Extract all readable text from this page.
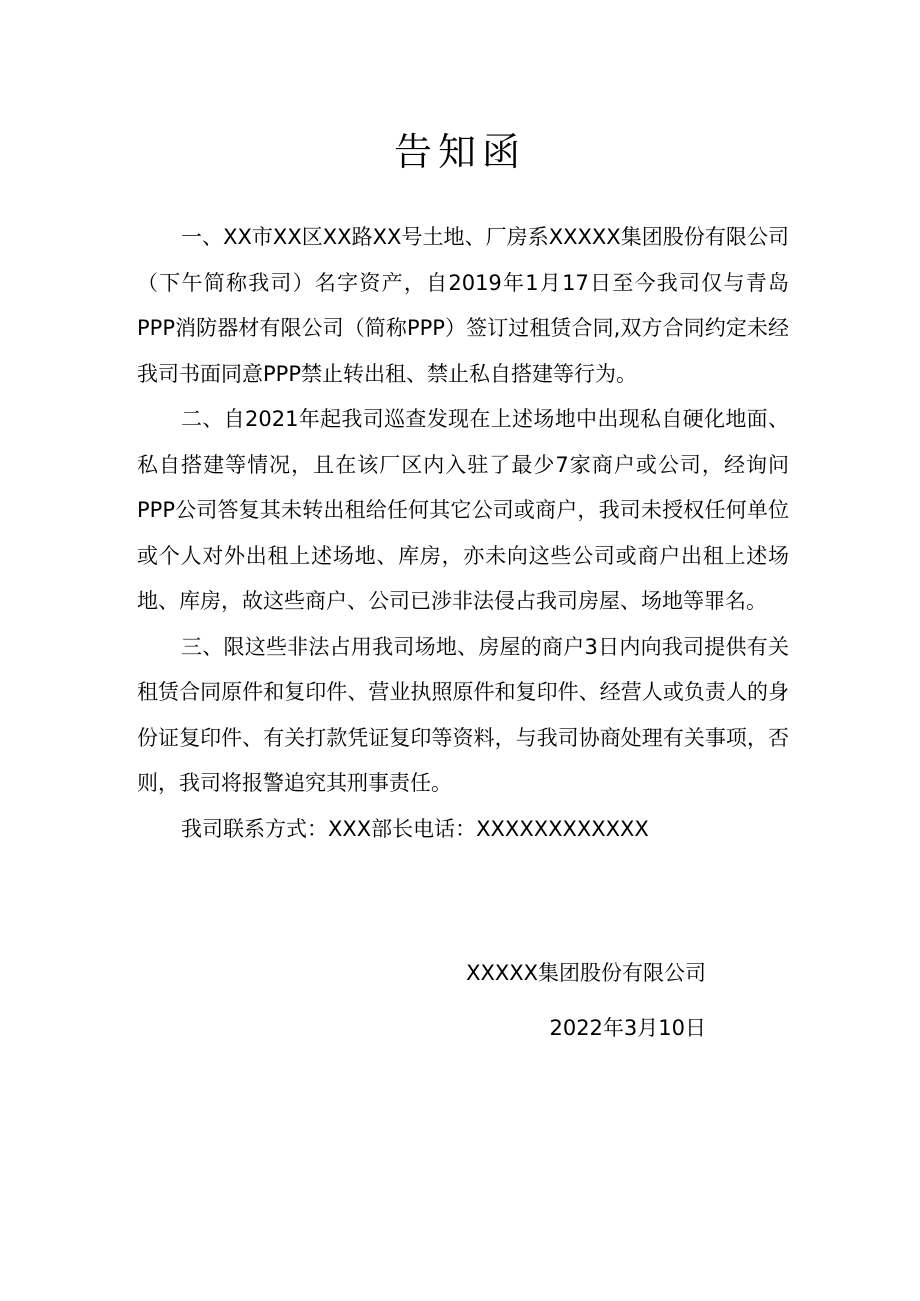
告知函

一、XX市XX区XX路XX号土地、厂房系XXXXX集团股份有限公司（下午简称我司）名字资产，自2019年1月17日至今我司仅与青岛PPP消防器材有限公司（简称PPP）签订过租赁合同,双方合同约定未经我司书面同意PPP禁止转出租、禁止私自搭建等行为。

二、自2021年起我司巡查发现在上述场地中出现私自硬化地面、私自搭建等情况，且在该厂区内入驻了最少7家商户或公司，经询问PPP公司答复其未转出租给任何其它公司或商户，我司未授权任何单位或个人对外出租上述场地、库房，亦未向这些公司或商户出租上述场地、库房，故这些商户、公司已涉非法侵占我司房屋、场地等罪名。

三、限这些非法占用我司场地、房屋的商户3日内向我司提供有关租赁合同原件和复印件、营业执照原件和复印件、经营人或负责人的身份证复印件、有关打款凭证复印等资料，与我司协商处理有关事项，否则，我司将报警追究其刑事责任。

我司联系方式：XXX部长电话：XXXXXXXXXXXX

XXXXX集团股份有限公司

2022年3月10日
